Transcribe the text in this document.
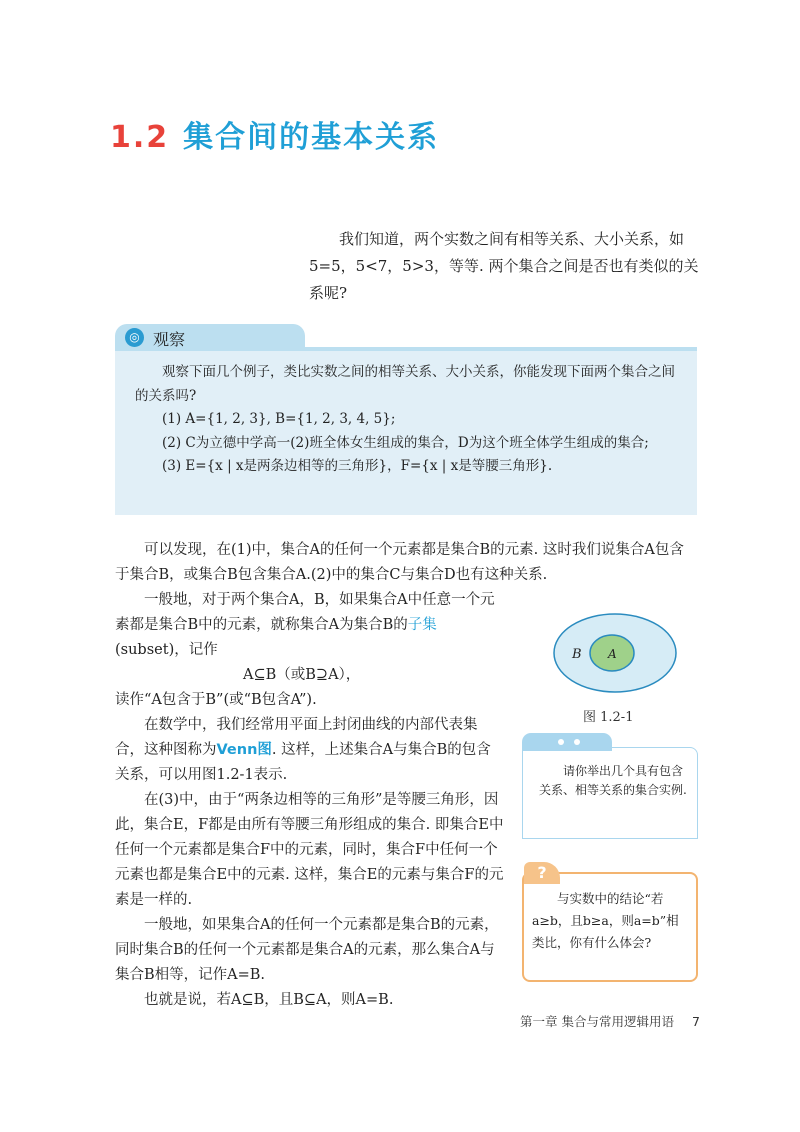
1.2 集合间的基本关系

我们知道，两个实数之间有相等关系、大小关系，如5=5，5<7，5>3，等等. 两个集合之间是否也有类似的关系呢?

◎ 观察

观察下面几个例子，类比实数之间的相等关系、大小关系，你能发现下面两个集合之间的关系吗?

(1) A={1, 2, 3}, B={1, 2, 3, 4, 5};

(2) C为立德中学高一(2)班全体女生组成的集合，D为这个班全体学生组成的集合;

(3) E={x | x是两条边相等的三角形}，F={x | x是等腰三角形}.

可以发现，在(1)中，集合A的任何一个元素都是集合B的元素. 这时我们说集合A包含于集合B，或集合B包含集合A.(2)中的集合C与集合D也有这种关系.

一般地，对于两个集合A，B，如果集合A中任意一个元素都是集合B中的元素，就称集合A为集合B的子集(subset)，记作

A⊆B（或B⊇A），

读作“A包含于B”(或“B包含A”).

在数学中，我们经常用平面上封闭曲线的内部代表集合，这种图称为Venn图. 这样，上述集合A与集合B的包含关系，可以用图1.2-1表示.

在(3)中，由于“两条边相等的三角形”是等腰三角形，因此，集合E，F都是由所有等腰三角形组成的集合. 即集合E中任何一个元素都是集合F中的元素，同时，集合F中任何一个元素也都是集合E中的元素. 这样，集合E的元素与集合F的元素是一样的.

一般地，如果集合A的任何一个元素都是集合B的元素，同时集合B的任何一个元素都是集合A的元素，那么集合A与集合B相等，记作A=B.

也就是说，若A⊆B，且B⊆A，则A=B.

B A
图 1.2-1
请你举出几个具有包含关系、相等关系的集合实例.
?
与实数中的结论“若a≥b，且b≥a，则a=b”相类比，你有什么体会?
第一章 集合与常用逻辑用语 7
